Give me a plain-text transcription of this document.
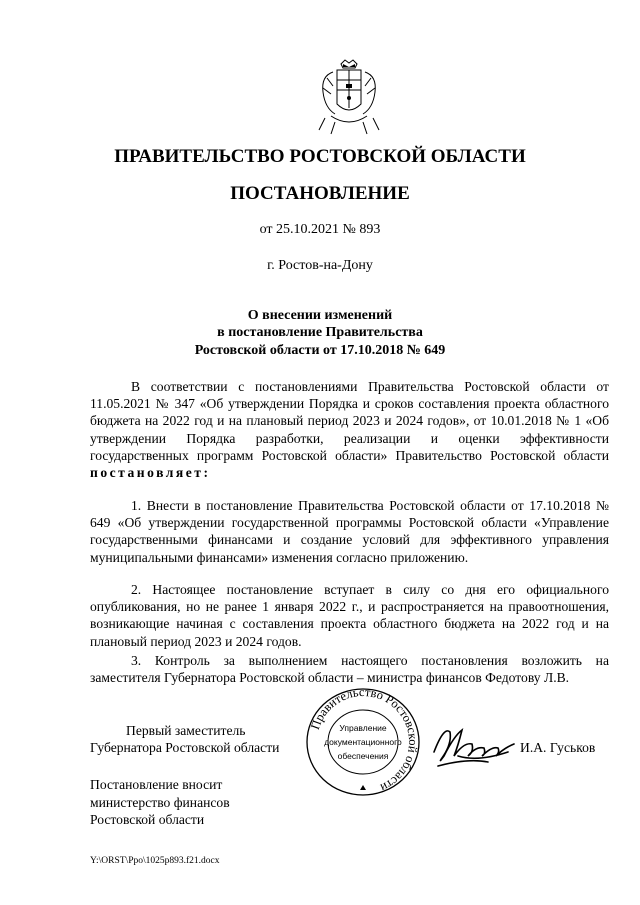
ПРАВИТЕЛЬСТВО РОСТОВСКОЙ ОБЛАСТИ
ПОСТАНОВЛЕНИЕ
от 25.10.2021 № 893
г. Ростов-на-Дону
О внесении изменений
в постановление Правительства
Ростовской области от 17.10.2018 № 649
В соответствии с постановлениями Правительства Ростовской области от 11.05.2021 № 347 «Об утверждении Порядка и сроков составления проекта областного бюджета на 2022 год и на плановый период 2023 и 2024 годов», от 10.01.2018 № 1 «Об утверждении Порядка разработки, реализации и оценки эффективности государственных программ Ростовской области» Правительство Ростовской области постановляет:
1. Внести в постановление Правительства Ростовской области от 17.10.2018 № 649 «Об утверждении государственной программы Ростовской области «Управление государственными финансами и создание условий для эффективного управления муниципальными финансами» изменения согласно приложению.
2. Настоящее постановление вступает в силу со дня его официального опубликования, но не ранее 1 января 2022 г., и распространяется на правоотношения, возникающие начиная с составления проекта областного бюджета на 2022 год и на плановый период 2023 и 2024 годов.
3. Контроль за выполнением настоящего постановления возложить на заместителя Губернатора Ростовской области – министра финансов Федотову Л.В.
Первый заместитель
Губернатора Ростовской области
Правительство Ростовской области
Управление
документационного
обеспечения
И.А. Гуськов
Постановление вносит
министерство финансов
Ростовской области
Y:\ORST\Ppo\1025p893.f21.docx
